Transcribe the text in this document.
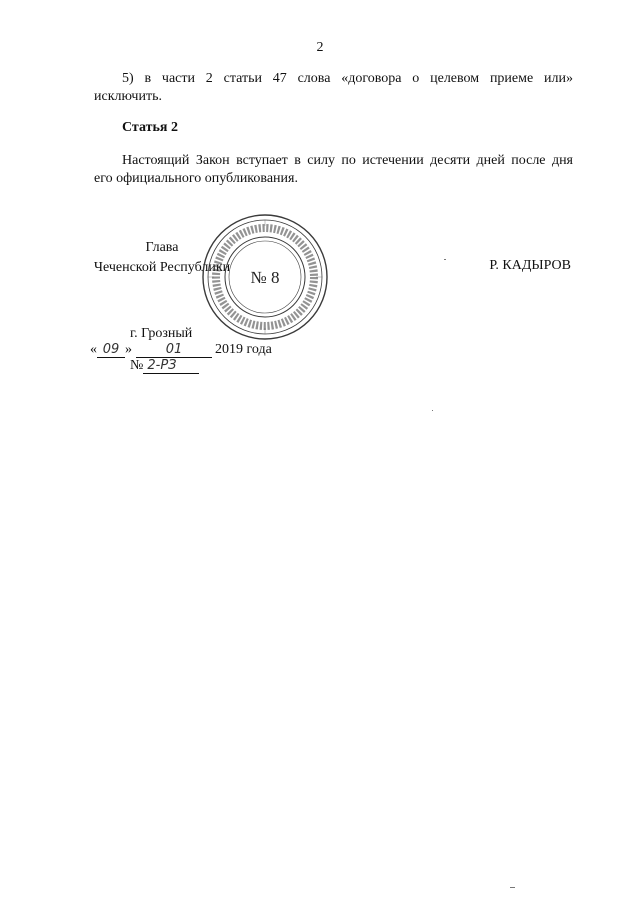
2
5) в части 2 статьи 47 слова «договора о целевом приеме или»
исключить.
Статья 2
Настоящий Закон вступает в силу по истечении десяти дней после дня
его официального опубликования.
Глава
Чеченской Республики	Р. КАДЫРОВ
№ 8
г. Грозный
« 09 »	01 2019 года
№ 2-РЗ
